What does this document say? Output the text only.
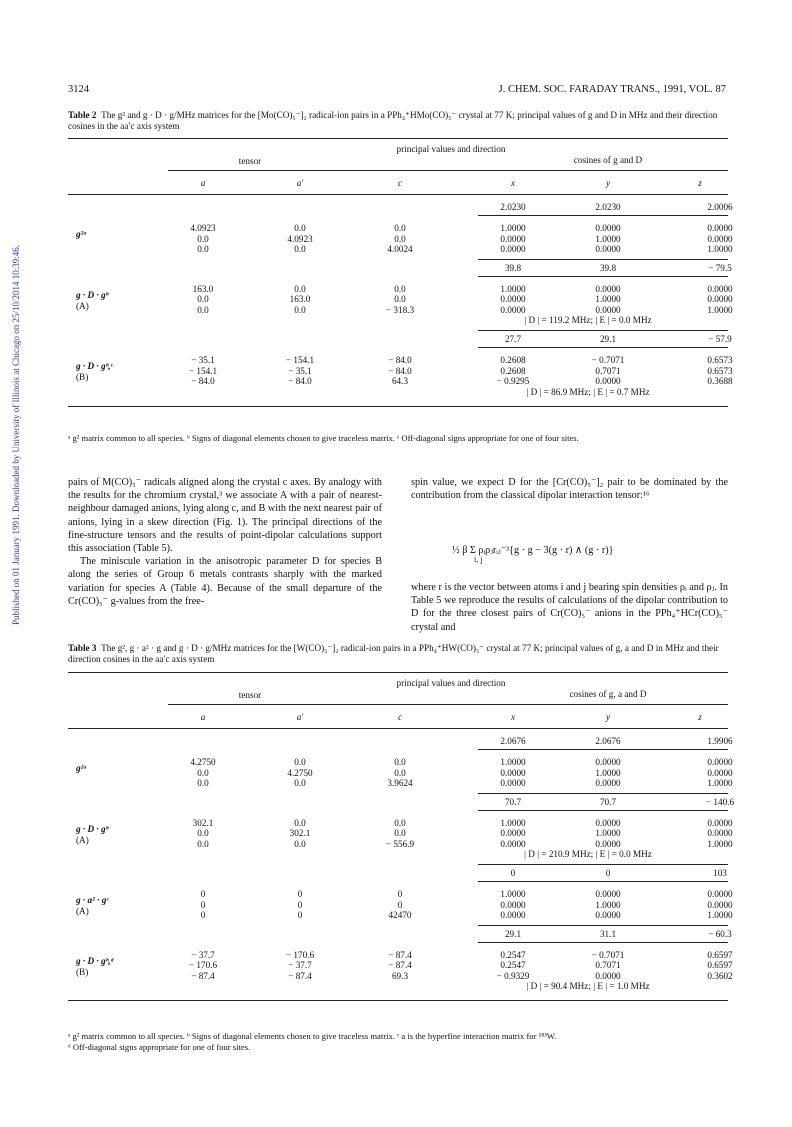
Published on 01 January 1991. Downloaded by University of Illinois at Chicago on 25/10/2014 10:39:46.
3124	J. CHEM. SOC. FARADAY TRANS., 1991, VOL. 87
Table 2 The g² and g · D · g/MHz matrices for the [Mo(CO)₅⁻]₂ radical-ion pairs in a PPh₄⁺HMo(CO)₅⁻ crystal at 77 K; principal values of g and D in MHz and their direction cosines in the aa′c axis system
principal values and direction
tensor	cosines of g and D
a	a′	c	x	y	z
2.0230	2.0230	2.0006
g²ᵃ
4.0923	0.0	0.0	1.0000	0.0000	0.0000
0.0	4.0923	0.0	0.0000	1.0000	0.0000
0.0	0.0	4.0024	0.0000	0.0000	1.0000
39.8	39.8	− 79.5
g · D · gᵇ
(A)
163.0	0.0	0.0	1.0000	0.0000	0.0000
0.0	163.0	0.0	0.0000	1.0000	0.0000
0.0	0.0	− 318.3	0.0000	0.0000	1.0000
| D | = 119.2 MHz; | E | = 0.0 MHz
27.7	29.1	− 57.9
g · D · gᵇ,ᶜ
(B)
− 35.1	− 154.1	− 84.0	0.2608	− 0.7071	0.6573
− 154.1	− 35.1	− 84.0	0.2608	0.7071	0.6573
− 84.0	− 84.0	64.3	− 0.9295	0.0000	0.3688
| D | = 86.9 MHz; | E | = 0.7 MHz
ᵃ g² matrix common to all species. ᵇ Signs of diagonal elements chosen to give traceless matrix. ᶜ Off-diagonal signs appropriate for one of four sites.
pairs of M(CO)₅⁻ radicals aligned along the crystal c axes. By analogy with the results for the chromium crystal,³ we associate A with a pair of nearest-neighbour damaged anions, lying along c, and B with the next nearest pair of anions, lying in a skew direction (Fig. 1). The principal directions of the fine-structure tensors and the results of point-dipolar calculations support this association (Table 5).
The miniscule variation in the anisotropic parameter D for species B along the series of Group 6 metals contrasts sharply with the marked variation for species A (Table 4). Because of the small departure of the Cr(CO)₅⁻ g-values from the free-
spin value, we expect D for the [Cr(CO)₅⁻]₂ pair to be dominated by the contribution from the classical dipolar interaction tensor:¹⁶
½ β Σ ρᵢρⱼrᵢⱼ⁻³{g · g − 3(g · r) ∧ (g · r)}
i, j
where r is the vector between atoms i and j bearing spin densities ρᵢ and ρⱼ. In Table 5 we reproduce the results of calculations of the dipolar contribution to D for the three closest pairs of Cr(CO)₅⁻ anions in the PPh₄⁺HCr(CO)₅⁻ crystal and
Table 3 The g², g · a² · g and g · D · g/MHz matrices for the [W(CO)₅⁻]₂ radical-ion pairs in a PPh₄⁺HW(CO)₅⁻ crystal at 77 K; principal values of g, a and D in MHz and their direction cosines in the aa′c axis system
principal values and direction
tensor	cosines of g, a and D
a	a′	c	x	y	z
2.0676	2.0676	1.9906
g²ᵃ
4.2750	0.0	0.0	1.0000	0.0000	0.0000
0.0	4.2750	0.0	0.0000	1.0000	0.0000
0.0	0.0	3.9624	0.0000	0.0000	1.0000
70.7	70.7	− 140.6
g · D · gᵇ
(A)
302.1	0.0	0.0	1.0000	0.0000	0.0000
0.0	302.1	0.0	0.0000	1.0000	0.0000
0.0	0.0	− 556.9	0.0000	0.0000	1.0000
| D | = 210.9 MHz; | E | = 0.0 MHz
0	0	103
g · a² · gᶜ
(A)
0	0	0	1.0000	0.0000	0.0000
0	0	0	0.0000	1.0000	0.0000
0	0	42470	0.0000	0.0000	1.0000
29.1	31.1	− 60.3
g · D · gᵇ,ᵈ
(B)
− 37.7	− 170.6	− 87.4	0.2547	− 0.7071	0.6597
− 170.6	− 37.7	− 87.4	0.2547	0.7071	0.6597
− 87.4	− 87.4	69.3	− 0.9329	0.0000	0.3602
| D | = 90.4 MHz; | E | = 1.0 MHz
ᵃ g² matrix common to all species. ᵇ Signs of diagonal elements chosen to give traceless matrix. ᶜ a is the hyperfine interaction matrix for ¹⁸³W.
ᵈ Off-diagonal signs appropriate for one of four sites.
